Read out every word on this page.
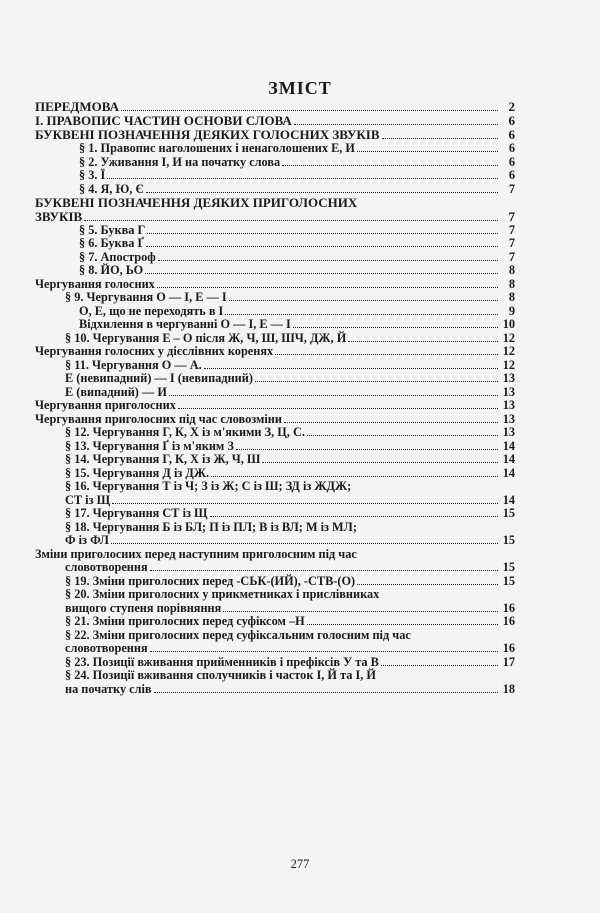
ЗМІСТ
ПЕРЕДМОВА	2
І. ПРАВОПИС ЧАСТИН ОСНОВИ СЛОВА	6
БУКВЕНІ ПОЗНАЧЕННЯ ДЕЯКИХ ГОЛОСНИХ ЗВУКІВ	6
§ 1. Правопис наголошених і ненаголошених Е, И	6
§ 2. Уживання І, И на початку слова	6
§ 3. Ї	6
§ 4. Я, Ю, Є	7
БУКВЕНІ ПОЗНАЧЕННЯ ДЕЯКИХ ПРИГОЛОСНИХ
ЗВУКІВ	7
§ 5. Буква Г	7
§ 6. Буква Ґ	7
§ 7. Апостроф	7
§ 8. ЙО, ЬО	8
Чергування голосних	8
§ 9. Чергування О — І, Е — І	8
О, Е, що не переходять в І	9
Відхилення в чергуванні О — І, Е — І	10
§ 10. Чергування Е – О після Ж, Ч, Ш, ШЧ, ДЖ, Й	12
Чергування голосних у дієслівних коренях	12
§ 11. Чергування О — А.	12
Е (невипадний) — І (невипадний)	13
Е (випадний) — И	13
Чергування приголосних	13
Чергування приголосних під час словозміни	13
§ 12. Чергування Г, К, Х із м'якими З, Ц, С.	13
§ 13. Чергування Ґ із м'яким З	14
§ 14. Чергування Г, К, Х із Ж, Ч, Ш	14
§ 15. Чергування Д із ДЖ.	14
§ 16. Чергування Т із Ч; З із Ж; С із Ш; ЗД із ЖДЖ;
СТ із Щ	14
§ 17. Чергування СТ із Щ	15
§ 18. Чергування Б із БЛ; П із ПЛ; В із ВЛ; М із МЛ;
Ф із ФЛ	15
Зміни приголосних перед наступним приголосним під час
словотворення	15
§ 19. Зміни приголосних перед -СЬК-(ИЙ), -СТВ-(О)	15
§ 20. Зміни приголосних у прикметниках і прислівниках
вищого ступеня порівняння	16
§ 21. Зміни приголосних перед суфіксом –Н	16
§ 22. Зміни приголосних перед суфіксальним голосним під час
словотворення	16
§ 23. Позиції вживання прийменників і префіксів У та В	17
§ 24. Позиції вживання сполучників і часток І, Й та І, Й
на початку слів	18
277
